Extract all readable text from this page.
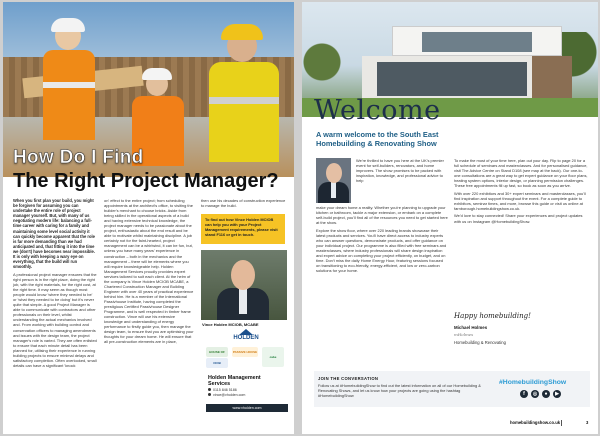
How Do I Find
The Right Project Manager?
When you first plan your build, you might be forgiven for assuming you can undertake the entire role of project manager yourself. But, with many of us negotiating modern life: balancing a full-time career with caring for a family and maintaining some level social activity it can quickly become apparent that the role is far more demanding than we had anticipated and, that fitting it into the time we (don't) have becomes near impossible. It is only with keeping a wary eye on everything, that the build will run smoothly.
A professional project manager ensures that the right person is in the right place, doing the right job, with the right materials, for the right cost, at the right time. It may seem as though most people would know 'where they needed to be' or 'what they needed to be doing' but it's never quite that simple. A good Project Manager is able to communicate with contractors and other professionals on their level, whilst understanding the actual mechanics involved and. From working with building control and conservation officers to managing amendments and issues with the design team, the project manager's role is varied. They are often enlisted to ensure that each minute detail has been planned for, utilising their experience in running building projects to ensure minimal delays and satisfactory completion. Often overlooked, small details can have a significant 'knock
on' effect to the entire project; from scheduling appointments at the architect's office, to visiting the builder's merchant to choose bricks. Aside from being skilled in the operational aspects of a build and having extensive technical knowledge, the project manager needs to be passionate about the project, enthusiastic about the end result and be able to motivate whilst maintaining discipline. A job certainly not for the faint-hearted, project management can be a whirlwind, it can be fun, but, unless you have many years' experience in construction – both in the mechanics and the management – there will be elements where you will require knowledgeable help. Holden Management Services proudly provides expert services tailored to suit each client. At the helm of the company is Vince Holden MCIOB MCABE, a Chartered Construction Manager and Building Engineer with over 40 years of practical experience behind him. He is a member of the International Passivhouse Institute, having completed the prestigious Certified Passivhouse Designer Programme, and is well respected in timber frame construction. Vince will use his extensive knowledge and understanding of energy performance to firstly guide you, then manage the design team, to ensure that you are optimising your thoughts for your dream home. He will ensure that all pre-construction elements are in place,
then use his decades of construction experience to manage the build.
To find out how Vince Holden MCIOB can help you with your Project Management requirements, please visit stand F116 or get in touch.
Vince Holden MCIOB, MCABE
HOLDEN
HOUSE OF	PASSIVE HOUSE
CIOB
cabe
Holden Management
Services
0115 846 5186
vince@vholden.com
www.vholden.com
Welcome
A warm welcome to the South East
Homebuilding & Renovating Show
We're thrilled to have you here at the UK's premier event for self-builders, renovators, and home improvers. The show promises to be packed with inspiration, knowledge, and professional advice to help

make your dream home a reality. Whether you're planning to upgrade your kitchen or bathroom, tackle a major extension, or embark on a complete self-build project, you'll find all of the resources you need to get started here at the show.

Explore the show floor, where over 220 leading brands showcase their latest products and services. You'll have direct access to industry experts who can answer questions, demonstrate products, and offer guidance on your individual project. Our programme is also filled with free seminars and masterclasses, where industry professionals will share design inspiration and expert advice on completing your project efficiently, on budget, and on time. Don't miss the daily Home Energy Hour, featuring sessions focused on transitioning to eco-friendly, energy-efficient, and low or zero-carbon solutions for your home.

To make the most of your time here, plan out your day. Flip to page 20 for a full schedule of seminars and masterclasses. And for personalised guidance, visit The Advice Centre on Stand D108 (see map at the back). Our one-to-one consultations are a great way to get expert guidance on your floor plans, heating system options, interior design, or planning permission challenges. These free appointments fill up fast, so book as soon as you arrive.

With over 220 exhibitors and 30+ expert seminars and masterclasses, you'll find inspiration and support throughout the event. For a complete guide to exhibitors, seminar times, and more, browse this guide or visit us online at farnborough.homebuildingshow.co.uk.

We'd love to stay connected! Share your experiences and project updates with us on Instagram @HomebuildingShow.

Happy homebuilding!
Michael Holmes
mHolmes
Homebuilding & Renovating
JOIN THE CONVERSATION
Follow us at #HomebuildingShow to find out the latest information on all of our Homebuilding & Renovating Shows, and let us know how your projects are going using the hashtag #HomebuildingShow
#HomebuildingShow
f	◎	●	▶
homebuildingshow.co.uk	3
